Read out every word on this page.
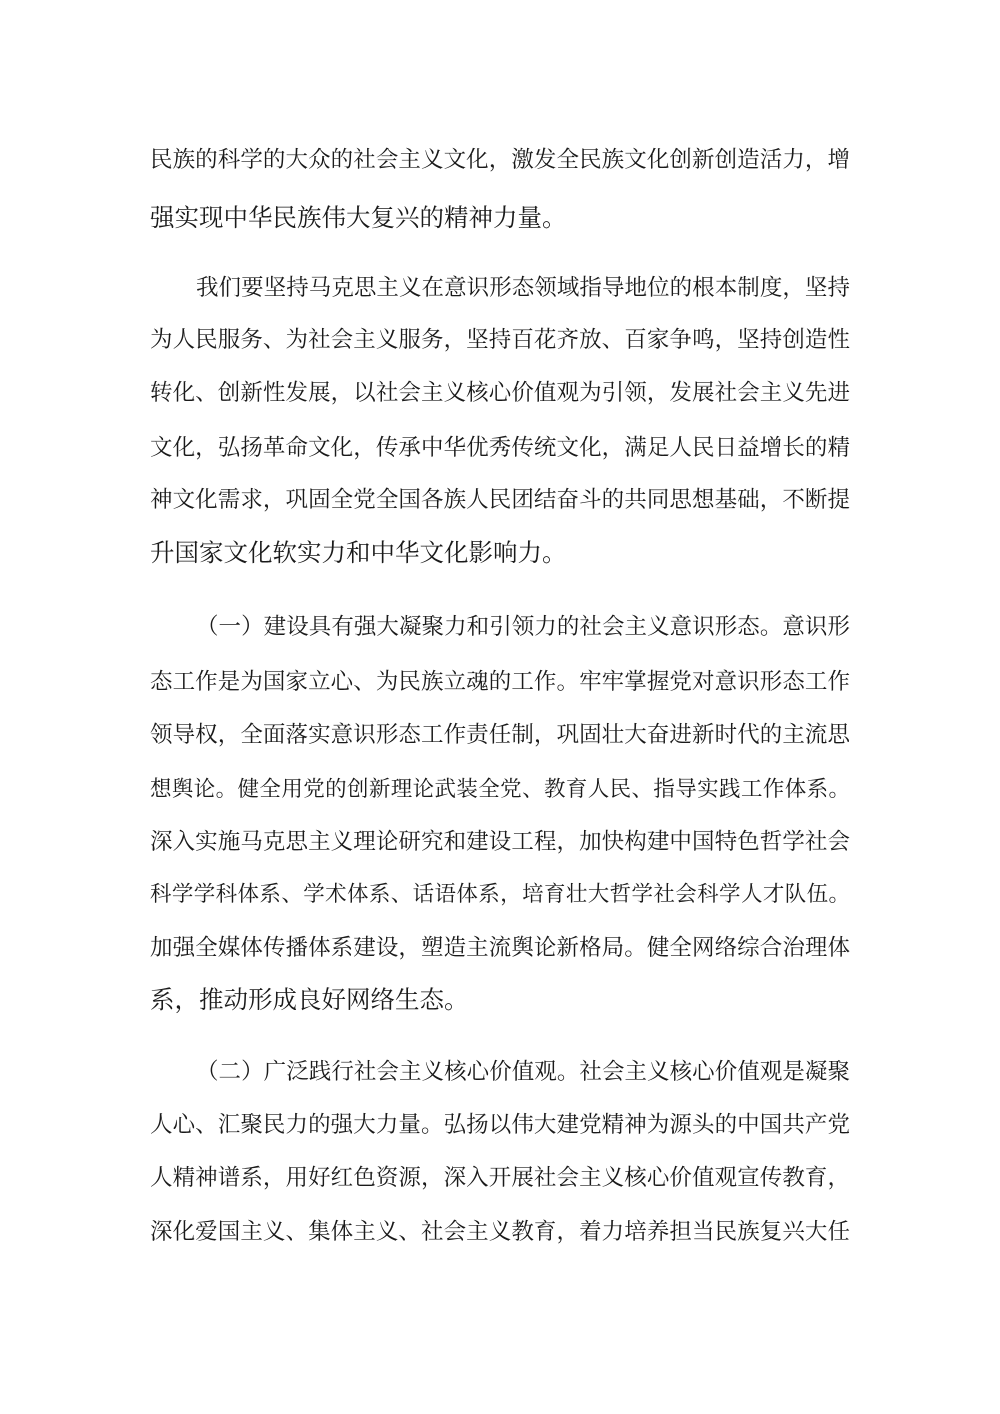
民族的科学的大众的社会主义文化，激发全民族文化创新创造活力，增
强实现中华民族伟大复兴的精神力量。
我们要坚持马克思主义在意识形态领域指导地位的根本制度，坚持
为人民服务、为社会主义服务，坚持百花齐放、百家争鸣，坚持创造性
转化、创新性发展，以社会主义核心价值观为引领，发展社会主义先进
文化，弘扬革命文化，传承中华优秀传统文化，满足人民日益增长的精
神文化需求，巩固全党全国各族人民团结奋斗的共同思想基础，不断提
升国家文化软实力和中华文化影响力。
（一）建设具有强大凝聚力和引领力的社会主义意识形态。意识形
态工作是为国家立心、为民族立魂的工作。牢牢掌握党对意识形态工作
领导权，全面落实意识形态工作责任制，巩固壮大奋进新时代的主流思
想舆论。健全用党的创新理论武装全党、教育人民、指导实践工作体系。
深入实施马克思主义理论研究和建设工程，加快构建中国特色哲学社会
科学学科体系、学术体系、话语体系，培育壮大哲学社会科学人才队伍。
加强全媒体传播体系建设，塑造主流舆论新格局。健全网络综合治理体
系，推动形成良好网络生态。
（二）广泛践行社会主义核心价值观。社会主义核心价值观是凝聚
人心、汇聚民力的强大力量。弘扬以伟大建党精神为源头的中国共产党
人精神谱系，用好红色资源，深入开展社会主义核心价值观宣传教育，
深化爱国主义、集体主义、社会主义教育，着力培养担当民族复兴大任
